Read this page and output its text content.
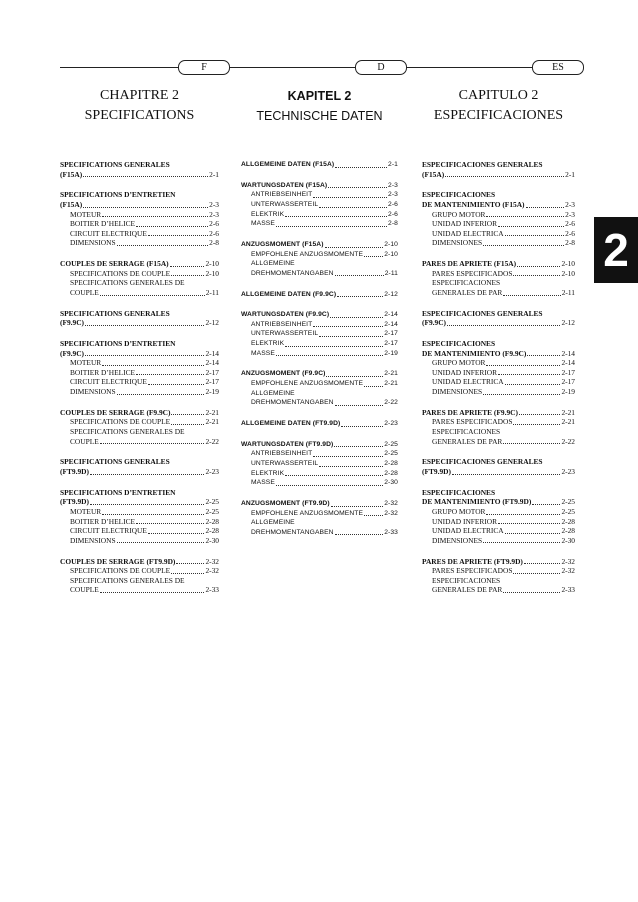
F	D	ES
CHAPITRE 2
SPECIFICATIONS
SPECIFICATIONS GENERALES
(F15A)	2-1
SPECIFICATIONS D’ENTRETIEN
(F15A)	2-3
MOTEUR	2-3
BOITIER D’HELICE	2-6
CIRCUIT ELECTRIQUE	2-6
DIMENSIONS	2-8
COUPLES DE SERRAGE (F15A)	2-10
SPECIFICATIONS DE COUPLE	2-10
SPECIFICATIONS GENERALES DE
COUPLE	2-11
SPECIFICATIONS GENERALES
(F9.9C)	2-12
SPECIFICATIONS D’ENTRETIEN
(F9.9C)	2-14
MOTEUR	2-14
BOITIER D’HELICE	2-17
CIRCUIT ELECTRIQUE	2-17
DIMENSIONS	2-19
COUPLES DE SERRAGE (F9.9C)	2-21
SPECIFICATIONS DE COUPLE	2-21
SPECIFICATIONS GENERALES DE
COUPLE	2-22
SPECIFICATIONS GENERALES
(FT9.9D)	2-23
SPECIFICATIONS D’ENTRETIEN
(FT9.9D)	2-25
MOTEUR	2-25
BOITIER D’HELICE	2-28
CIRCUIT ELECTRIQUE	2-28
DIMENSIONS	2-30
COUPLES DE SERRAGE (FT9.9D)	2-32
SPECIFICATIONS DE COUPLE	2-32
SPECIFICATIONS GENERALES DE
COUPLE	2-33
KAPITEL 2
TECHNISCHE DATEN
ALLGEMEINE DATEN (F15A)	2-1
WARTUNGSDATEN (F15A)	2-3
ANTRIEBSEINHEIT	2-3
UNTERWASSERTEIL	2-6
ELEKTRIK	2-6
MASSE	2-8
ANZUGSMOMENT (F15A)	2-10
EMPFOHLENE ANZUGSMOMENTE	2-10
ALLGEMEINE
DREHMOMENTANGABEN	2-11
ALLGEMEINE DATEN (F9.9C)	2-12
WARTUNGSDATEN (F9.9C)	2-14
ANTRIEBSEINHEIT	2-14
UNTERWASSERTEIL	2-17
ELEKTRIK	2-17
MASSE	2-19
ANZUGSMOMENT (F9.9C)	2-21
EMPFOHLENE ANZUGSMOMENTE	2-21
ALLGEMEINE
DREHMOMENTANGABEN	2-22
ALLGEMEINE DATEN (FT9.9D)	2-23
WARTUNGSDATEN (FT9.9D)	2-25
ANTRIEBSEINHEIT	2-25
UNTERWASSERTEIL	2-28
ELEKTRIK	2-28
MASSE	2-30
ANZUGSMOMENT (FT9.9D)	2-32
EMPFOHLENE ANZUGSMOMENTE	2-32
ALLGEMEINE
DREHMOMENTANGABEN	2-33
CAPITULO 2
ESPECIFICACIONES
ESPECIFICACIONES GENERALES
(F15A)	2-1
ESPECIFICACIONES
DE MANTENIMIENTO (F15A)	2-3
GRUPO MOTOR	2-3
UNIDAD INFERIOR	2-6
UNIDAD ELECTRICA	2-6
DIMENSIONES	2-8
PARES DE APRIETE (F15A)	2-10
PARES ESPECIFICADOS	2-10
ESPECIFICACIONES
GENERALES DE PAR	2-11
ESPECIFICACIONES GENERALES
(F9.9C)	2-12
ESPECIFICACIONES
DE MANTENIMIENTO (F9.9C)	2-14
GRUPO MOTOR	2-14
UNIDAD INFERIOR	2-17
UNIDAD ELECTRICA	2-17
DIMENSIONES	2-19
PARES DE APRIETE (F9.9C)	2-21
PARES ESPECIFICADOS	2-21
ESPECIFICACIONES
GENERALES DE PAR	2-22
ESPECIFICACIONES GENERALES
(FT9.9D)	2-23
ESPECIFICACIONES
DE MANTENIMIENTO (FT9.9D)	2-25
GRUPO MOTOR	2-25
UNIDAD INFERIOR	2-28
UNIDAD ELECTRICA	2-28
DIMENSIONES	2-30
PARES DE APRIETE (FT9.9D)	2-32
PARES ESPECIFICADOS	2-32
ESPECIFICACIONES
GENERALES DE PAR	2-33
2
